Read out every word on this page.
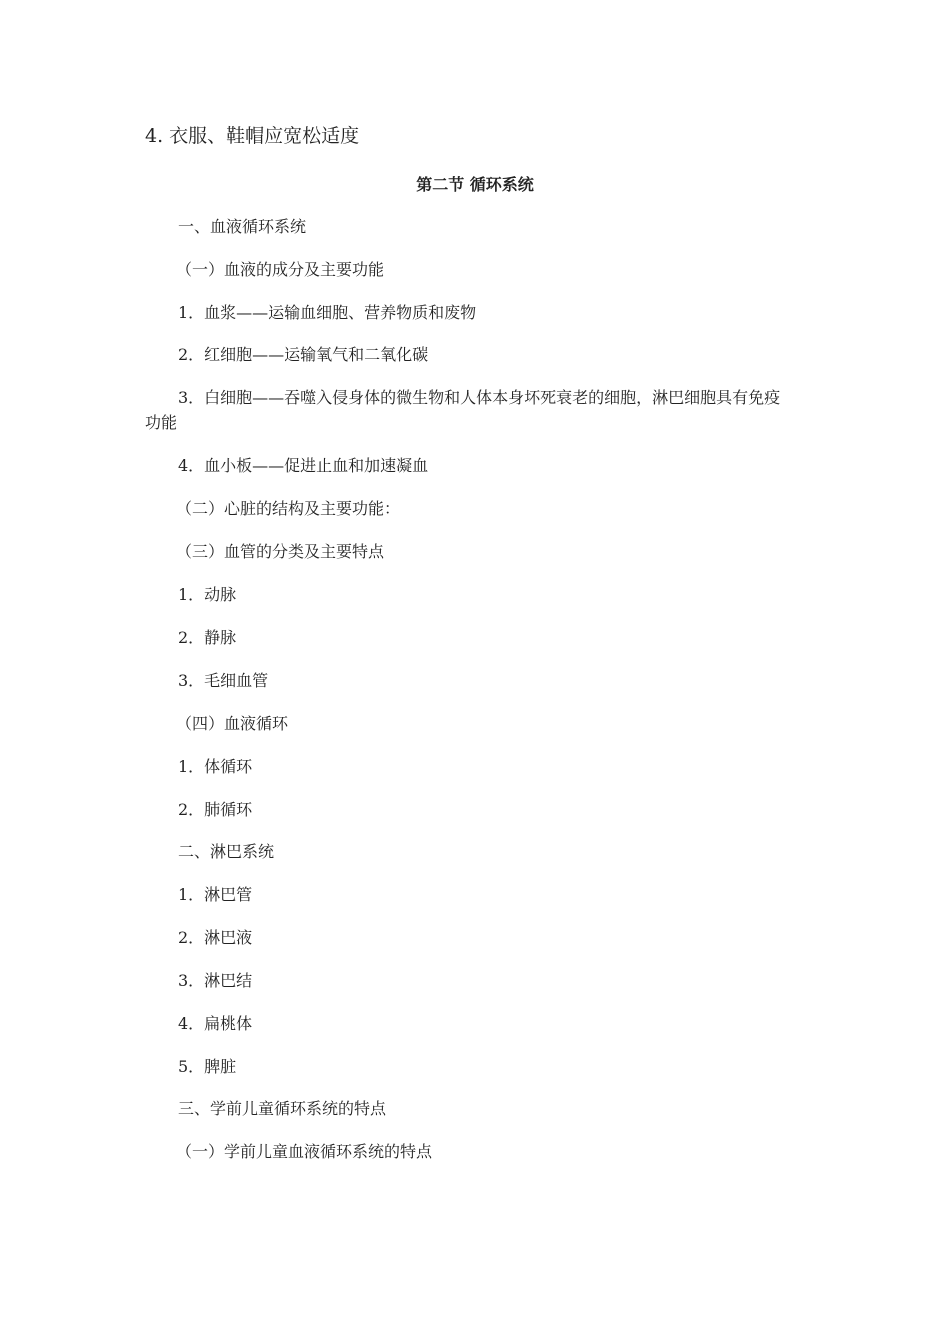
4. 衣服、鞋帽应宽松适度

第二节 循环系统

一、血液循环系统

（一）血液的成分及主要功能

1．血浆——运输血细胞、营养物质和废物

2．红细胞——运输氧气和二氧化碳

3．白细胞——吞噬入侵身体的微生物和人体本身坏死衰老的细胞，淋巴细胞具有免疫功能

4．血小板——促进止血和加速凝血

（二）心脏的结构及主要功能：

（三）血管的分类及主要特点

1．动脉

2．静脉

3．毛细血管

（四）血液循环

1．体循环

2．肺循环

二、淋巴系统

1．淋巴管

2．淋巴液

3．淋巴结

4．扁桃体

5．脾脏

三、学前儿童循环系统的特点

（一）学前儿童血液循环系统的特点
